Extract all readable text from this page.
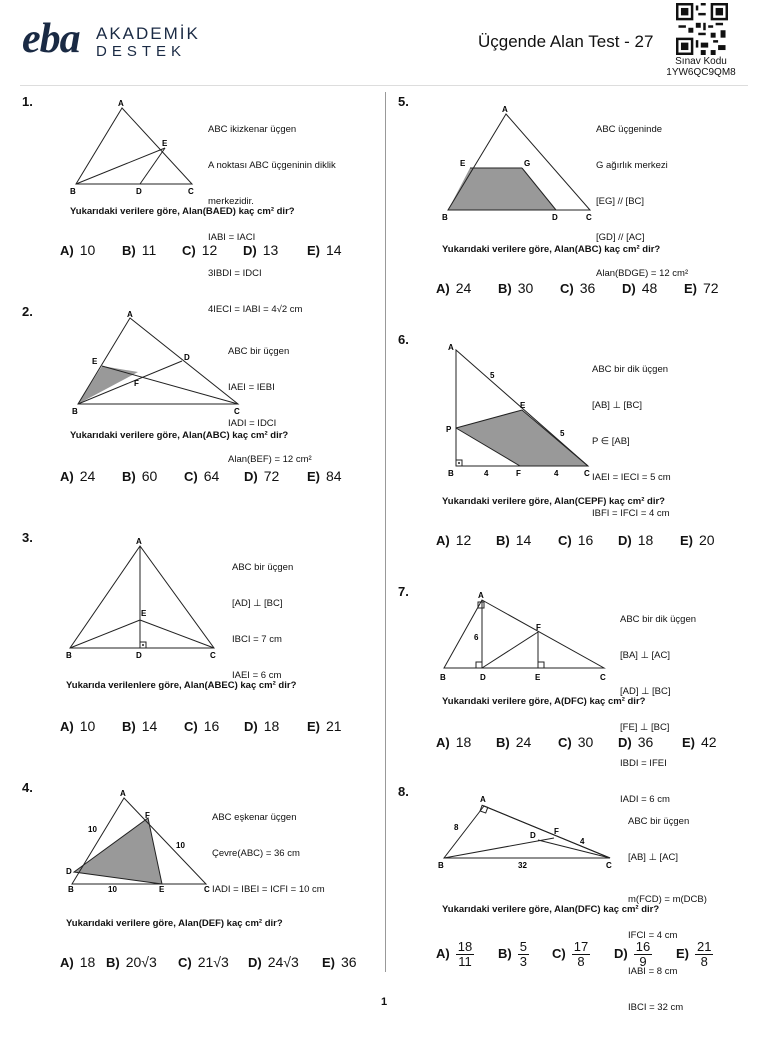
eba AKADEMİK
DESTEK
Üçgende Alan Test - 27
Sınav Kodu
1YW6QC9QM8
1.	A
B	C
D
E

ABC ikizkenar üçgen

A noktası ABC üçgeninin diklik

merkezidir.

IABI = IACI

3IBDI = IDCI

4IECI = IABI = 4√2 cm

Yukarıdaki verilere göre, Alan(BAED) kaç cm² dir?
A) 10 B) 11 C) 12 D) 13 E) 14
2.	A
B	C
D
E
F

ABC bir üçgen

IAEI = IEBI

IADI = IDCI

Alan(BEF) = 12 cm²

Yukarıdaki verilere göre, Alan(ABC) kaç cm² dir?
A) 24 B) 60 C) 64 D) 72 E) 84
3.	A
B	C
D
E

ABC bir üçgen

[AD] ⊥ [BC]

IBCI = 7 cm

IAEI = 6 cm

Yukarıda verilenlere göre, Alan(ABEC) kaç cm² dir?
A) 10 B) 14 C) 16 D) 18 E) 21
4.	A
B	C
D
E
F
10
10
10

ABC eşkenar üçgen

Çevre(ABC) = 36 cm

IADI = IBEI = ICFI = 10 cm

Yukarıdaki verilere göre, Alan(DEF) kaç cm² dir?
A) 18 B) 20√3 C) 21√3 D) 24√3 E) 36
5.
A
B	C
D
E	G

ABC üçgeninde

G ağırlık merkezi

[EG] // [BC]

[GD] // [AC]

Alan(BDGE) = 12 cm²

Yukarıdaki verilere göre, Alan(ABC) kaç cm² dir?
A) 24 B) 30 C) 36 D) 48 E) 72
6.
A
B	C
E
F
P
5
5
4	4

ABC bir dik üçgen

[AB] ⊥ [BC]

P ∈ [AB]

IAEI = IECI = 5 cm

IBFI = IFCI = 4 cm

Yukarıdaki verilere göre, Alan(CEPF) kaç cm² dir?
A) 12 B) 14 C) 16 D) 18 E) 20
7.	A
B	C
D	E
F
6

ABC bir dik üçgen

[BA] ⊥ [AC]

[AD] ⊥ [BC]

[FE] ⊥ [BC]

IBDI = IFEI

IADI = 6 cm

Yukarıdaki verilere göre, A(DFC) kaç cm² dir?
A) 18 B) 24 C) 30 D) 36 E) 42
8.
A
B	C
D F
8
4
32

ABC bir üçgen

[AB] ⊥ [AC]

m(FCD) = m(DCB)

IFCI = 4 cm

IABI = 8 cm

IBCI = 32 cm

Yukarıdaki verilere göre, Alan(DFC) kaç cm² dir?
$A) \frac{18}{11} B) \frac{5}{3} C) \frac{17}{8} D) \frac{16}{9} E) \frac{21}{8}$
1
